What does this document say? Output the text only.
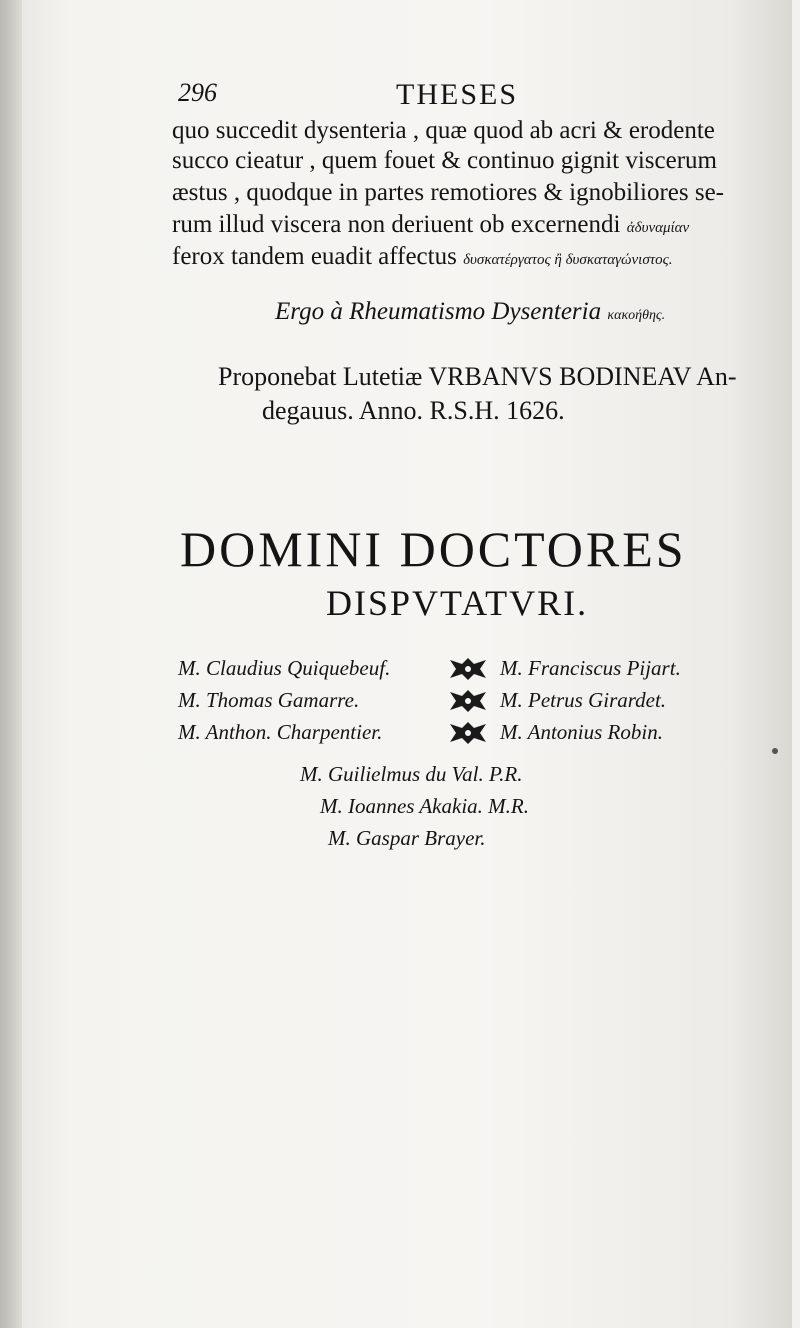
296	THESES
quo succedit dysenteria , quæ quod ab acri & erodente
succo cieatur , quem fouet & continuo gignit viscerum
æstus , quodque in partes remotiores & ignobiliores se-
rum illud viscera non deriuent ob excernendi ἀδυναμίαν
ferox tandem euadit affectus δυσκατέργατος ἢ δυσκαταγώνιστος.
Ergo à Rheumatismo Dysenteria κακοήθης.
Proponebat Lutetiæ VRBANVS BODINEAV An-
degauus. Anno. R.S.H. 1626.
DOMINI DOCTORES
DISPVTATVRI.
M. Claudius Quiquebeuf.
M. Thomas Gamarre.
M. Anthon. Charpentier.
M. Franciscus Pijart.
M. Petrus Girardet.
M. Antonius Robin.
M. Guilielmus du Val. P.R.
M. Ioannes Akakia. M.R.
M. Gaspar Brayer.
